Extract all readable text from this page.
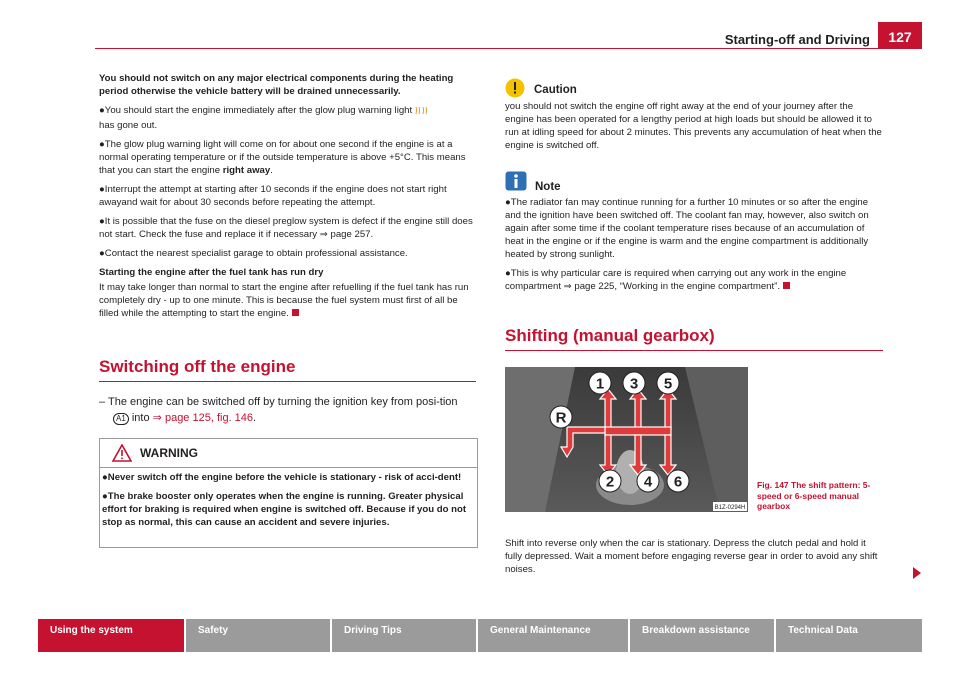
Starting-off and Driving	127

You should not switch on any major electrical components during the heating period otherwise the vehicle battery will be drained unnecessarily.

●You should start the engine immediately after the glow plug warning light
has gone out.

●The glow plug warning light will come on for about one second if the engine is at a normal operating temperature or if the outside temperature is above +5°C. This means that you can start the engine right away.

●Interrupt the attempt at starting after 10 seconds if the engine does not start right awayand wait for about 30 seconds before repeating the attempt.

●It is possible that the fuse on the diesel preglow system is defect if the engine still does not start. Check the fuse and replace it if necessary ⇒ page 257.

●Contact the nearest specialist garage to obtain professional assistance.

Starting the engine after the fuel tank has run dry

It may take longer than normal to start the engine after refuelling if the fuel tank has run completely dry - up to one minute. This is because the fuel system must first of all be filled while the attempting to start the engine.

Switching off the engine
– The engine can be switched off by turning the ignition key from posi-tion A1 into ⇒ page 125, fig. 146.
WARNING

●Never switch off the engine before the vehicle is stationary - risk of acci-dent!

●The brake booster only operates when the engine is running. Greater physical effort for braking is required when engine is switched off. Because if you do not stop as normal, this can cause an accident and severe injuries.

Caution
you should not switch the engine off right away at the end of your journey after the engine has been operated for a lengthy period at high loads but should be allowed it to run at idling speed for about 2 minutes. This prevents any accumulation of heat when the engine is switched off.
Note

●The radiator fan may continue running for a further 10 minutes or so after the engine and the ignition have been switched off. The coolant fan may, however, also switch on again after some time if the coolant temperature rises because of an accumulation of heat in the engine or if the engine is warm and the engine compartment is additionally heated by strong sunlight.

●This is why particular care is required when carrying out any work in the engine compartment ⇒ page 225, “Working in the engine compartment”.

Shifting (manual gearbox)
1 3 5
R
2 4 6
B1Z-0294H
Fig. 147 The shift pattern: 5-
speed or 6-speed manual
gearbox
Shift into reverse only when the car is stationary. Depress the clutch pedal and hold it fully depressed. Wait a moment before engaging reverse gear in order to avoid any shift noises.
Using the system	Safety	Driving Tips	General Maintenance	Breakdown assistance	Technical Data
